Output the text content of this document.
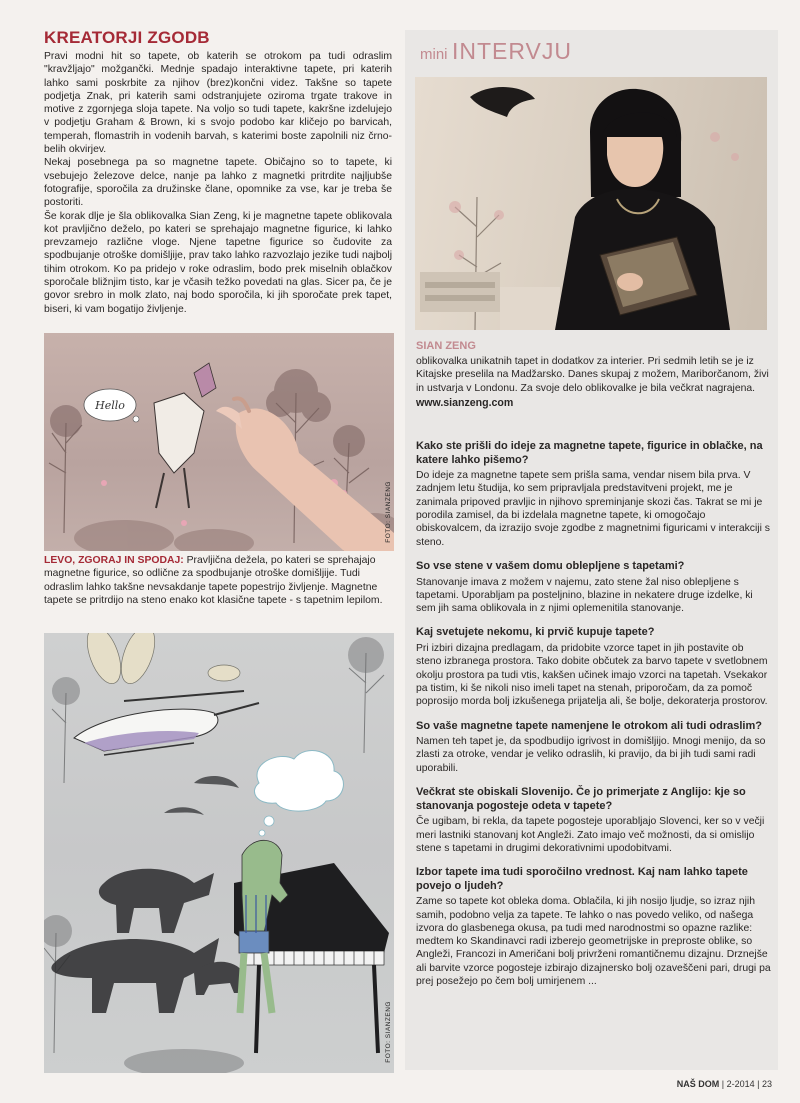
KREATORJI ZGODB

Pravi modni hit so tapete, ob katerih se otrokom pa tudi odraslim "kravžljajo" možgančki. Mednje spadajo interaktivne tapete, pri katerih lahko sami poskrbite za njihov (brez)končni videz. Takšne so tapete podjetja Znak, pri katerih sami odstranjujete oziroma trgate trakove in motive z zgornjega sloja tapete. Na voljo so tudi tapete, kakršne izdelujejo v podjetju Graham & Brown, ki s svojo podobo kar kličejo po barvicah, temperah, flomastrih in vodenih barvah, s katerimi boste zapolnili niz črno-belih okvirjev.

Nekaj posebnega pa so magnetne tapete. Običajno so to tapete, ki vsebujejo železove delce, nanje pa lahko z magnetki pritrdite najljubše fotografije, sporočila za družinske člane, opomnike za vse, kar je treba še postoriti.

Še korak dlje je šla oblikovalka Sian Zeng, ki je magnetne tapete oblikovala kot pravljično deželo, po kateri se sprehajajo magnetne figurice, ki lahko prevzamejo različne vloge. Njene tapetne figurice so čudovite za spodbujanje otroške domišljije, prav tako lahko razvozlajo jezike tudi najbolj tihim otrokom. Ko pa pridejo v roke odraslim, bodo prek miselnih oblačkov sporočale bližnjim tisto, kar je včasih težko povedati na glas. Sicer pa, če je govor srebro in molk zlato, naj bodo sporočila, ki jih sporočate prek tapet, biseri, ki vam bogatijo življenje.

Hello
FOTO: SIANZENG
LEVO, ZGORAJ IN SPODAJ: Pravljična dežela, po kateri se sprehajajo magnetne figurice, so odlične za spodbujanje otroške domišljije. Tudi odraslim lahko takšne nevsakdanje tapete popestrijo življenje. Magnetne tapete se pritrdijo na steno enako kot klasične tapete - s tapetnim lepilom.
FOTO: SIANZENG
mini INTERVJU
SIAN ZENG
oblikovalka unikatnih tapet in dodatkov za interier. Pri sedmih letih se je iz Kitajske preselila na Madžarsko. Danes skupaj z možem, Mariborčanom, živi in ustvarja v Londonu. Za svoje delo oblikovalke je bila večkrat nagrajena.
www.sianzeng.com
Kako ste prišli do ideje za magnetne tapete, figurice in oblačke, na katere lahko pišemo?
Do ideje za magnetne tapete sem prišla sama, vendar nisem bila prva. V zadnjem letu študija, ko sem pripravljala predstavitveni projekt, me je zanimala pripoved pravljic in njihovo spreminjanje skozi čas. Takrat se mi je porodila zamisel, da bi izdelala magnetne tapete, ki omogočajo obiskovalcem, da izrazijo svoje zgodbe z magnetnimi figuricami v interakciji s steno.
So vse stene v vašem domu oblepljene s tapetami?
Stanovanje imava z možem v najemu, zato stene žal niso oblepljene s tapetami. Uporabljam pa posteljnino, blazine in nekatere druge izdelke, ki sem jih sama oblikovala in z njimi oplemenitila stanovanje.
Kaj svetujete nekomu, ki prvič kupuje tapete?
Pri izbiri dizajna predlagam, da pridobite vzorce tapet in jih postavite ob steno izbranega prostora. Tako dobite občutek za barvo tapete v svetlobnem okolju prostora pa tudi vtis, kakšen učinek imajo vzorci na tapetah. Vsekakor pa tistim, ki še nikoli niso imeli tapet na stenah, priporočam, da za pomoč poprosijo morda bolj izkušenega prijatelja ali, še bolje, dekoraterja prostorov.
So vaše magnetne tapete namenjene le otrokom ali tudi odraslim?
Namen teh tapet je, da spodbudijo igrivost in domišljijo. Mnogi menijo, da so zlasti za otroke, vendar je veliko odraslih, ki pravijo, da bi jih tudi sami radi uporabili.
Večkrat ste obiskali Slovenijo. Če jo primerjate z Anglijo: kje so stanovanja pogosteje odeta v tapete?
Če ugibam, bi rekla, da tapete pogosteje uporabljajo Slovenci, ker so v večji meri lastniki stanovanj kot Angleži. Zato imajo več možnosti, da si omislijo stene s tapetami in drugimi dekorativnimi upodobitvami.
Izbor tapete ima tudi sporočilno vrednost. Kaj nam lahko tapete povejo o ljudeh?
Zame so tapete kot obleka doma. Oblačila, ki jih nosijo ljudje, so izraz njih samih, podobno velja za tapete. Te lahko o nas povedo veliko, od našega izvora do glasbenega okusa, pa tudi med narodnostmi so opazne razlike: medtem ko Skandinavci radi izberejo geometrijske in preproste oblike, so Angleži, Francozi in Američani bolj privrženi romantičnemu dizajnu. Drznejše ali barvite vzorce pogosteje izbirajo dizajnersko bolj ozaveščeni pari, drugi pa prej posežejo po čem bolj umirjenem ...
NAŠ DOM | 2-2014 | 23
